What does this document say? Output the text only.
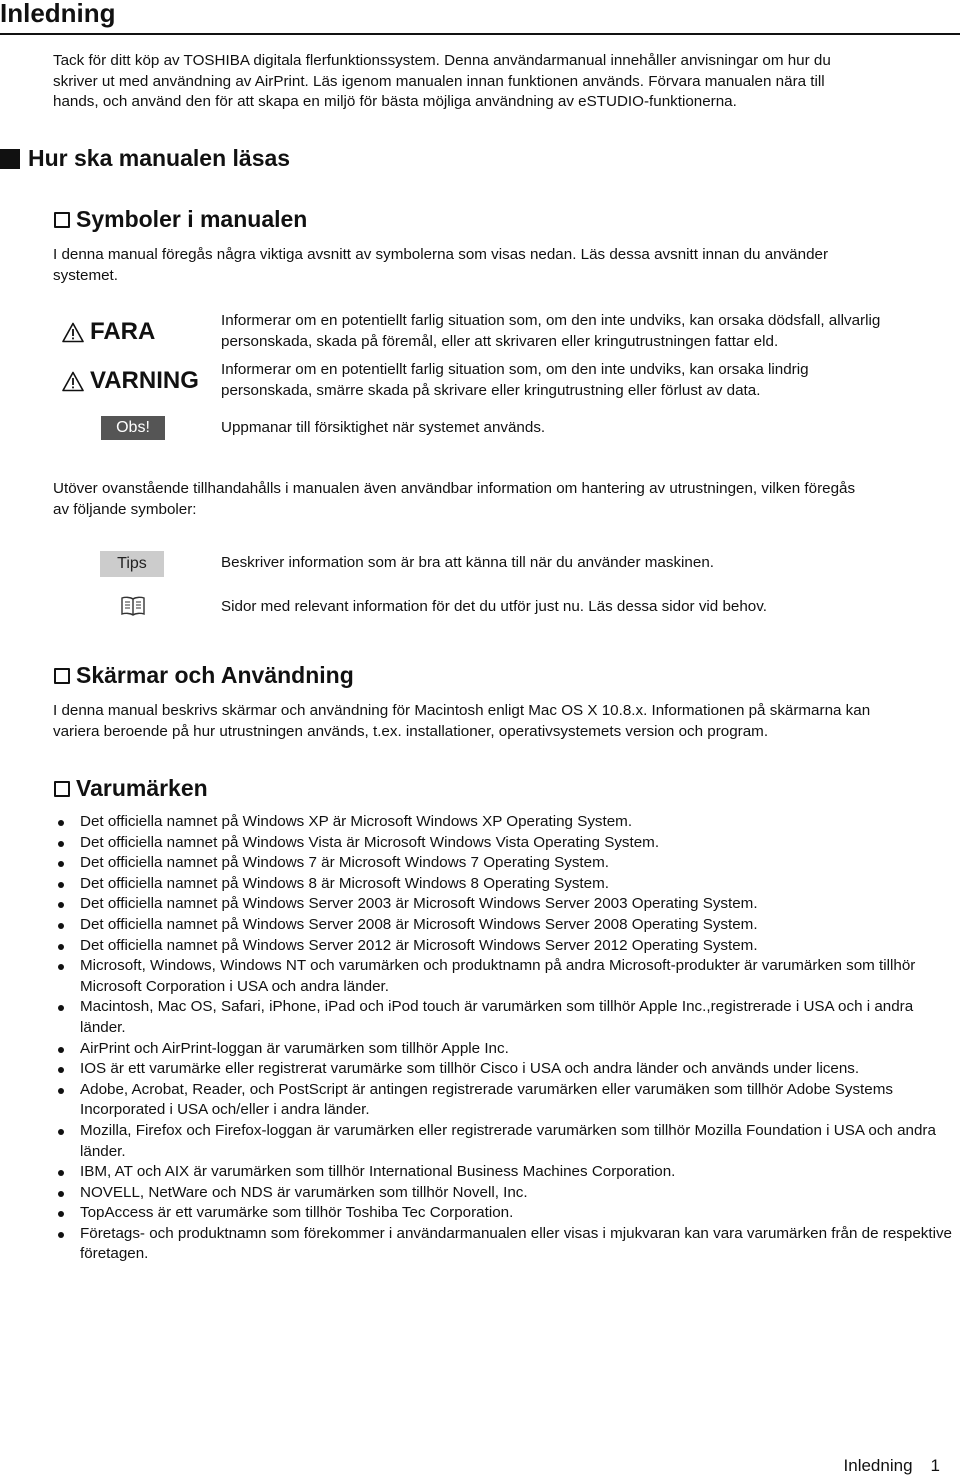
Inledning

Tack för ditt köp av TOSHIBA digitala flerfunktionssystem. Denna användarmanual innehåller anvisningar om hur du
skriver ut med användning av AirPrint. Läs igenom manualen innan funktionen används. Förvara manualen nära till
hands, och använd den för att skapa en miljö för bästa möjliga användning av eSTUDIO-funktionerna.

Hur ska manualen läsas
Symboler i manualen

I denna manual föregås några viktiga avsnitt av symbolerna som visas nedan. Läs dessa avsnitt innan du använder
systemet.

FARA	Informerar om en potentiellt farlig situation som, om den inte undviks, kan orsaka dödsfall, allvarlig
personskada, skada på föremål, eller att skrivaren eller kringutrustningen fattar eld.

VARNING Informerar om en potentiellt farlig situation som, om den inte undviks, kan orsaka lindrig
personskada, smärre skada på skrivare eller kringutrustning eller förlust av data.

Obs!	Uppmanar till försiktighet när systemet används.

Utöver ovanstående tillhandahålls i manualen även användbar information om hantering av utrustningen, vilken föregås
av följande symboler:

Tips	Beskriver information som är bra att känna till när du använder maskinen.

Sidor med relevant information för det du utför just nu. Läs dessa sidor vid behov.

Skärmar och Användning

I denna manual beskrivs skärmar och användning för Macintosh enligt Mac OS X 10.8.x. Informationen på skärmarna kan
variera beroende på hur utrustningen används, t.ex. installationer, operativsystemets version och program.

Varumärken
Det officiella namnet på Windows XP är Microsoft Windows XP Operating System.
Det officiella namnet på Windows Vista är Microsoft Windows Vista Operating System.
Det officiella namnet på Windows 7 är Microsoft Windows 7 Operating System.
Det officiella namnet på Windows 8 är Microsoft Windows 8 Operating System.
Det officiella namnet på Windows Server 2003 är Microsoft Windows Server 2003 Operating System.
Det officiella namnet på Windows Server 2008 är Microsoft Windows Server 2008 Operating System.
Det officiella namnet på Windows Server 2012 är Microsoft Windows Server 2012 Operating System.
Microsoft, Windows, Windows NT och varumärken och produktnamn på andra Microsoft-produkter är varumärken som tillhör Microsoft Corporation i USA och andra länder.
Macintosh, Mac OS, Safari, iPhone, iPad och iPod touch är varumärken som tillhör Apple Inc.,registrerade i USA och i andra länder.
AirPrint och AirPrint-loggan är varumärken som tillhör Apple Inc.
IOS är ett varumärke eller registrerat varumärke som tillhör Cisco i USA och andra länder och används under licens.
Adobe, Acrobat, Reader, och PostScript är antingen registrerade varumärken eller varumäken som tillhör Adobe Systems Incorporated i USA och/eller i andra länder.
Mozilla, Firefox och Firefox-loggan är varumärken eller registrerade varumärken som tillhör Mozilla Foundation i USA och andra länder.
IBM, AT och AIX är varumärken som tillhör International Business Machines Corporation.
NOVELL, NetWare och NDS är varumärken som tillhör Novell, Inc.
TopAccess är ett varumärke som tillhör Toshiba Tec Corporation.
Företags- och produktnamn som förekommer i användarmanualen eller visas i mjukvaran kan vara varumärken från de respektive företagen.
Inledning 1
